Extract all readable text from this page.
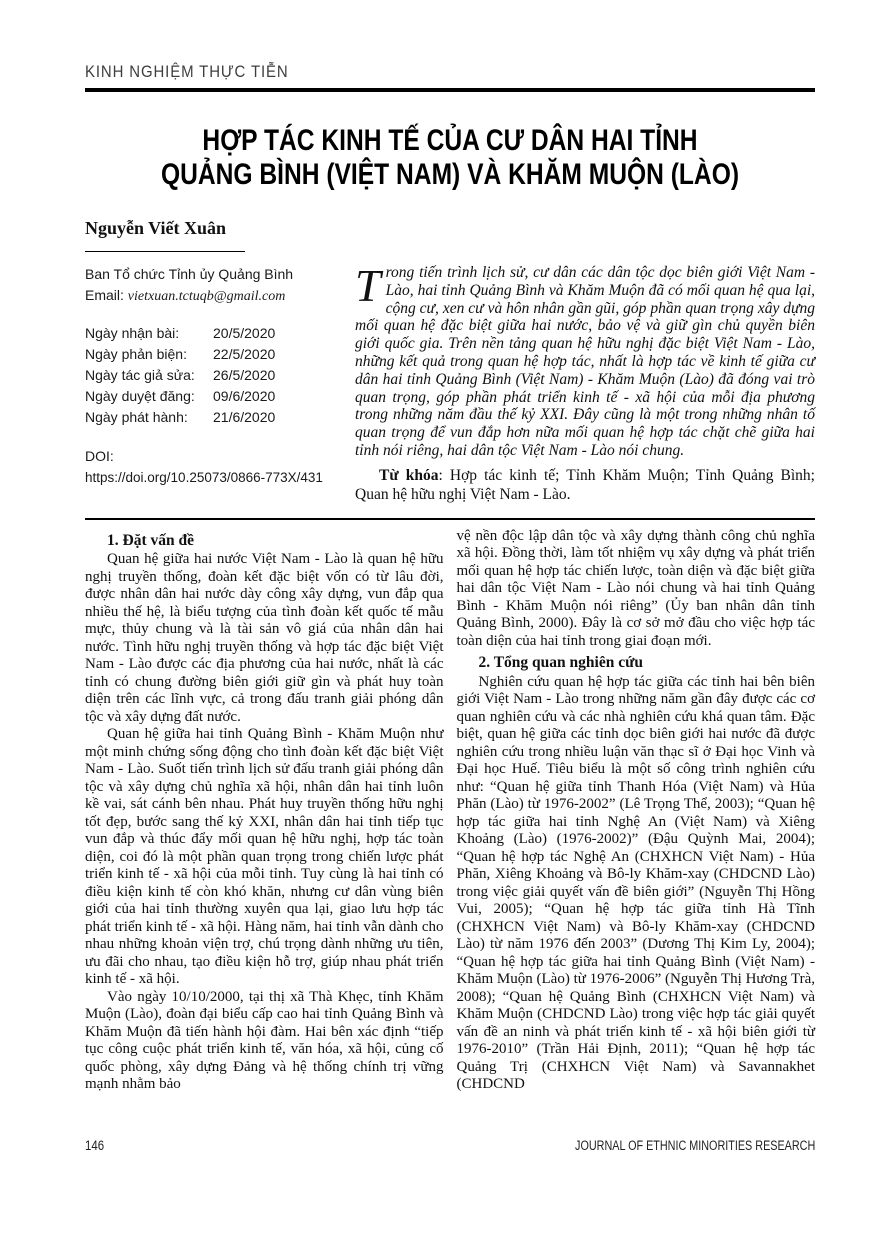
KINH NGHIỆM THỰC TIỄN
HỢP TÁC KINH TẾ CỦA CƯ DÂN HAI TỈNH
QUẢNG BÌNH (VIỆT NAM) VÀ KHĂM MUỘN (LÀO)
Nguyễn Viết Xuân
Ban Tổ chức Tỉnh ủy Quảng Bình
Email: vietxuan.tctuqb@gmail.com
Ngày nhận bài:	20/5/2020
Ngày phản biện:	22/5/2020
Ngày tác giả sửa:	26/5/2020
Ngày duyệt đăng:	09/6/2020
Ngày phát hành:	21/6/2020
DOI:
https://doi.org/10.25073/0866-773X/431

Trong tiến trình lịch sử, cư dân các dân tộc dọc biên giới Việt Nam - Lào, hai tỉnh Quảng Bình và Khăm Muộn đã có mối quan hệ qua lại, cộng cư, xen cư và hôn nhân gần gũi, góp phần quan trọng xây dựng mối quan hệ đặc biệt giữa hai nước, bảo vệ và giữ gìn chủ quyền biên giới quốc gia. Trên nền tảng quan hệ hữu nghị đặc biệt Việt Nam - Lào, những kết quả trong quan hệ hợp tác, nhất là hợp tác về kinh tế giữa cư dân hai tỉnh Quảng Bình (Việt Nam) - Khăm Muộn (Lào) đã đóng vai trò quan trọng, góp phần phát triển kinh tế - xã hội của mỗi địa phương trong những năm đầu thế kỷ XXI. Đây cũng là một trong những nhân tố quan trọng để vun đắp hơn nữa mối quan hệ hợp tác chặt chẽ giữa hai tỉnh nói riêng, hai dân tộc Việt Nam - Lào nói chung.

Từ khóa: Hợp tác kinh tế; Tỉnh Khăm Muộn; Tỉnh Quảng Bình; Quan hệ hữu nghị Việt Nam - Lào.

1. Đặt vấn đề

Quan hệ giữa hai nước Việt Nam - Lào là quan hệ hữu nghị truyền thống, đoàn kết đặc biệt vốn có từ lâu đời, được nhân dân hai nước dày công xây dựng, vun đắp qua nhiều thế hệ, là biểu tượng của tình đoàn kết quốc tế mẫu mực, thủy chung và là tài sản vô giá của nhân dân hai nước. Tình hữu nghị truyền thống và hợp tác đặc biệt Việt Nam - Lào được các địa phương của hai nước, nhất là các tỉnh có chung đường biên giới giữ gìn và phát huy toàn diện trên các lĩnh vực, cả trong đấu tranh giải phóng dân tộc và xây dựng đất nước.

Quan hệ giữa hai tỉnh Quảng Bình - Khăm Muộn như một minh chứng sống động cho tình đoàn kết đặc biệt Việt Nam - Lào. Suốt tiến trình lịch sử đấu tranh giải phóng dân tộc và xây dựng chủ nghĩa xã hội, nhân dân hai tỉnh luôn kề vai, sát cánh bên nhau. Phát huy truyền thống hữu nghị tốt đẹp, bước sang thế kỷ XXI, nhân dân hai tỉnh tiếp tục vun đắp và thúc đẩy mối quan hệ hữu nghị, hợp tác toàn diện, coi đó là một phần quan trọng trong chiến lược phát triển kinh tế - xã hội của mỗi tỉnh. Tuy cùng là hai tỉnh có điều kiện kinh tế còn khó khăn, nhưng cư dân vùng biên giới của hai tỉnh thường xuyên qua lại, giao lưu hợp tác phát triển kinh tế - xã hội. Hàng năm, hai tỉnh vẫn dành cho nhau những khoản viện trợ, chú trọng dành những ưu tiên, ưu đãi cho nhau, tạo điều kiện hỗ trợ, giúp nhau phát triển kinh tế - xã hội.

Vào ngày 10/10/2000, tại thị xã Thà Khẹc, tỉnh Khăm Muộn (Lào), đoàn đại biểu cấp cao hai tỉnh Quảng Bình và Khăm Muộn đã tiến hành hội đàm. Hai bên xác định “tiếp tục công cuộc phát triển kinh tế, văn hóa, xã hội, củng cố quốc phòng, xây dựng Đảng và hệ thống chính trị vững mạnh nhằm bảo

vệ nền độc lập dân tộc và xây dựng thành công chủ nghĩa xã hội. Đồng thời, làm tốt nhiệm vụ xây dựng và phát triển mối quan hệ hợp tác chiến lược, toàn diện và đặc biệt giữa hai dân tộc Việt Nam - Lào nói chung và hai tỉnh Quảng Bình - Khăm Muộn nói riêng” (Ủy ban nhân dân tỉnh Quảng Bình, 2000). Đây là cơ sở mở đầu cho việc hợp tác toàn diện của hai tỉnh trong giai đoạn mới.

2. Tổng quan nghiên cứu

Nghiên cứu quan hệ hợp tác giữa các tỉnh hai bên biên giới Việt Nam - Lào trong những năm gần đây được các cơ quan nghiên cứu và các nhà nghiên cứu khá quan tâm. Đặc biệt, quan hệ giữa các tỉnh dọc biên giới hai nước đã được nghiên cứu trong nhiều luận văn thạc sĩ ở Đại học Vinh và Đại học Huế. Tiêu biểu là một số công trình nghiên cứu như: “Quan hệ giữa tỉnh Thanh Hóa (Việt Nam) và Hủa Phăn (Lào) từ 1976-2002” (Lê Trọng Thể, 2003); “Quan hệ hợp tác giữa hai tỉnh Nghệ An (Việt Nam) và Xiêng Khoảng (Lào) (1976-2002)” (Đậu Quỳnh Mai, 2004); “Quan hệ hợp tác Nghệ An (CHXHCN Việt Nam) - Hủa Phăn, Xiêng Khoảng và Bô-ly Khăm-xay (CHDCND Lào) trong việc giải quyết vấn đề biên giới” (Nguyễn Thị Hồng Vui, 2005); “Quan hệ hợp tác giữa tỉnh Hà Tĩnh (CHXHCN Việt Nam) và Bô-ly Khăm-xay (CHDCND Lào) từ năm 1976 đến 2003” (Dương Thị Kim Ly, 2004); “Quan hệ hợp tác giữa hai tỉnh Quảng Bình (Việt Nam) - Khăm Muộn (Lào) từ 1976-2006” (Nguyễn Thị Hương Trà, 2008); “Quan hệ Quảng Bình (CHXHCN Việt Nam) và Khăm Muộn (CHDCND Lào) trong việc hợp tác giải quyết vấn đề an ninh và phát triển kinh tế - xã hội biên giới từ 1976-2010” (Trần Hải Định, 2011); “Quan hệ hợp tác Quảng Trị (CHXHCN Việt Nam) và Savannakhet (CHDCND

146	JOURNAL OF ETHNIC MINORITIES RESEARCH
